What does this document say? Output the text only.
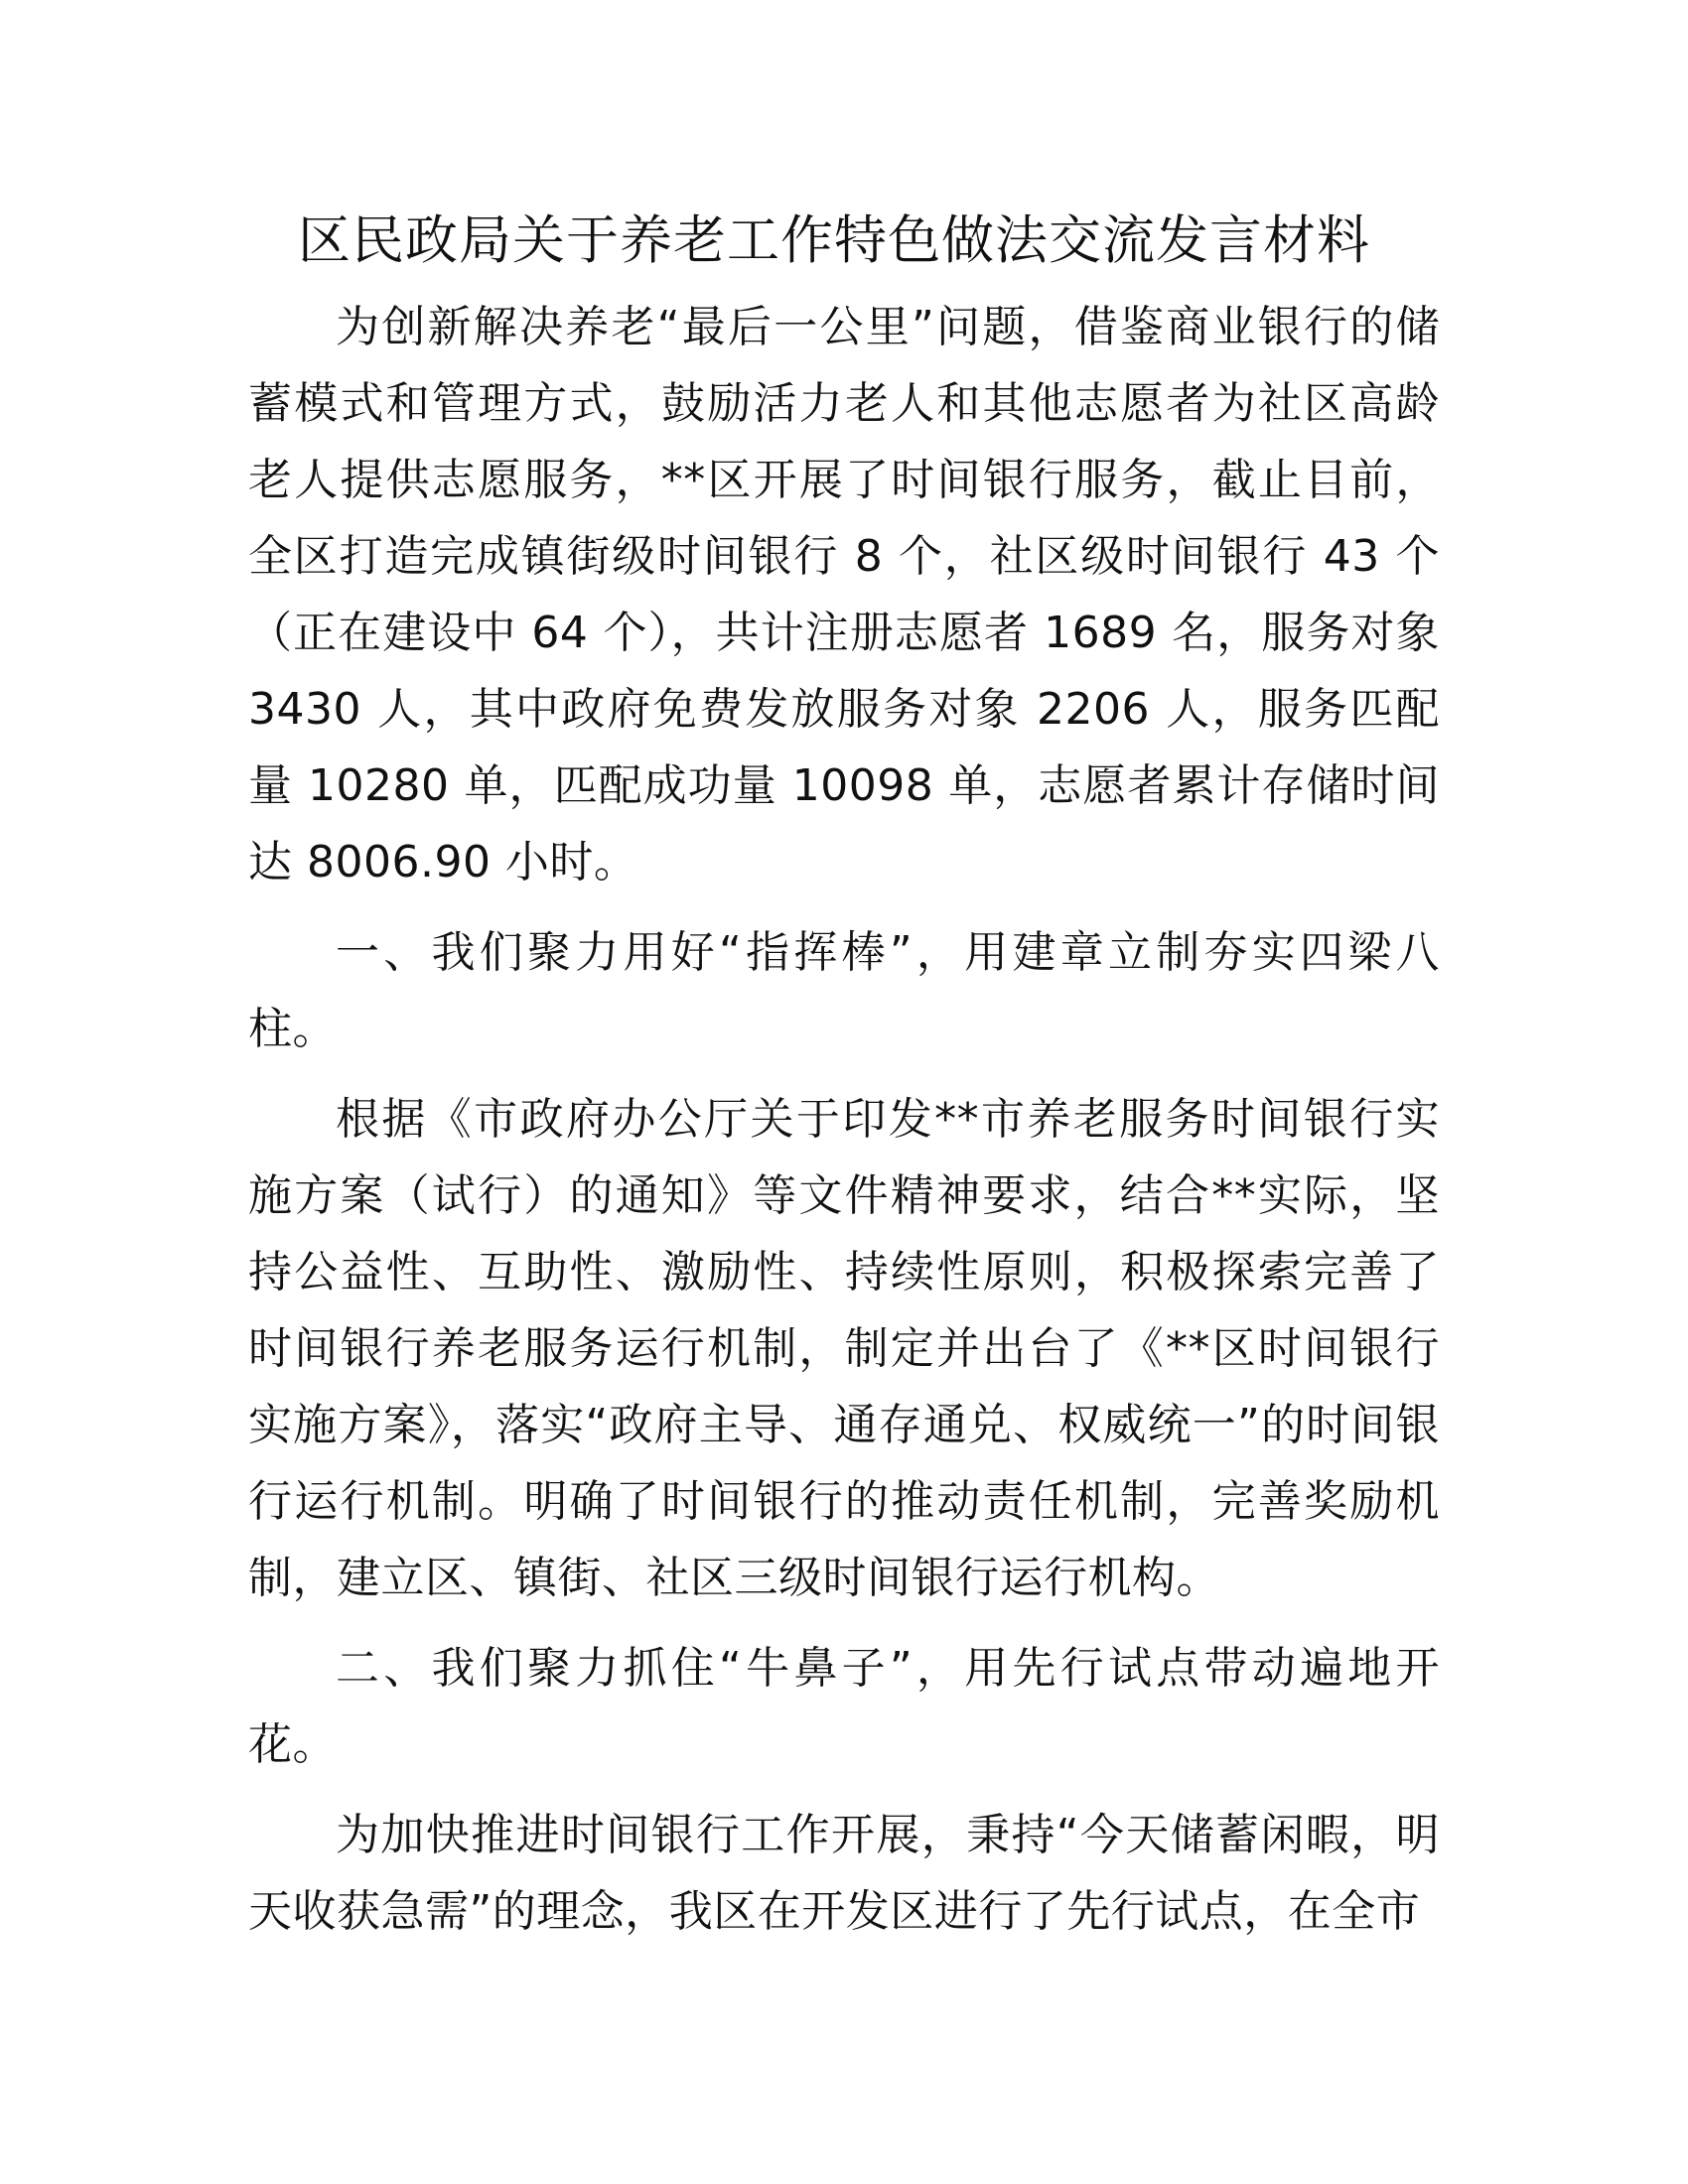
区民政局关于养老工作特色做法交流发言材料

为创新解决养老“最后一公里”问题，借鉴商业银行的储蓄模式和管理方式，鼓励活力老人和其他志愿者为社区高龄老人提供志愿服务，**区开展了时间银行服务，截止目前，全区打造完成镇街级时间银行 8 个，社区级时间银行 43 个（正在建设中 64 个），共计注册志愿者 1689 名，服务对象 3430 人，其中政府免费发放服务对象 2206 人，服务匹配量 10280 单，匹配成功量 10098 单，志愿者累计存储时间达 8006.90 小时。

一、我们聚力用好“指挥棒”，用建章立制夯实四梁八柱。

根据《市政府办公厅关于印发**市养老服务时间银行实施方案（试行）的通知》等文件精神要求，结合**实际，坚持公益性、互助性、激励性、持续性原则，积极探索完善了时间银行养老服务运行机制，制定并出台了《**区时间银行实施方案》，落实“政府主导、通存通兑、权威统一”的时间银行运行机制。明确了时间银行的推动责任机制，完善奖励机制，建立区、镇街、社区三级时间银行运行机构。

二、我们聚力抓住“牛鼻子”，用先行试点带动遍地开花。

为加快推进时间银行工作开展，秉持“今天储蓄闲暇，明天收获急需”的理念，我区在开发区进行了先行试点，在全市
